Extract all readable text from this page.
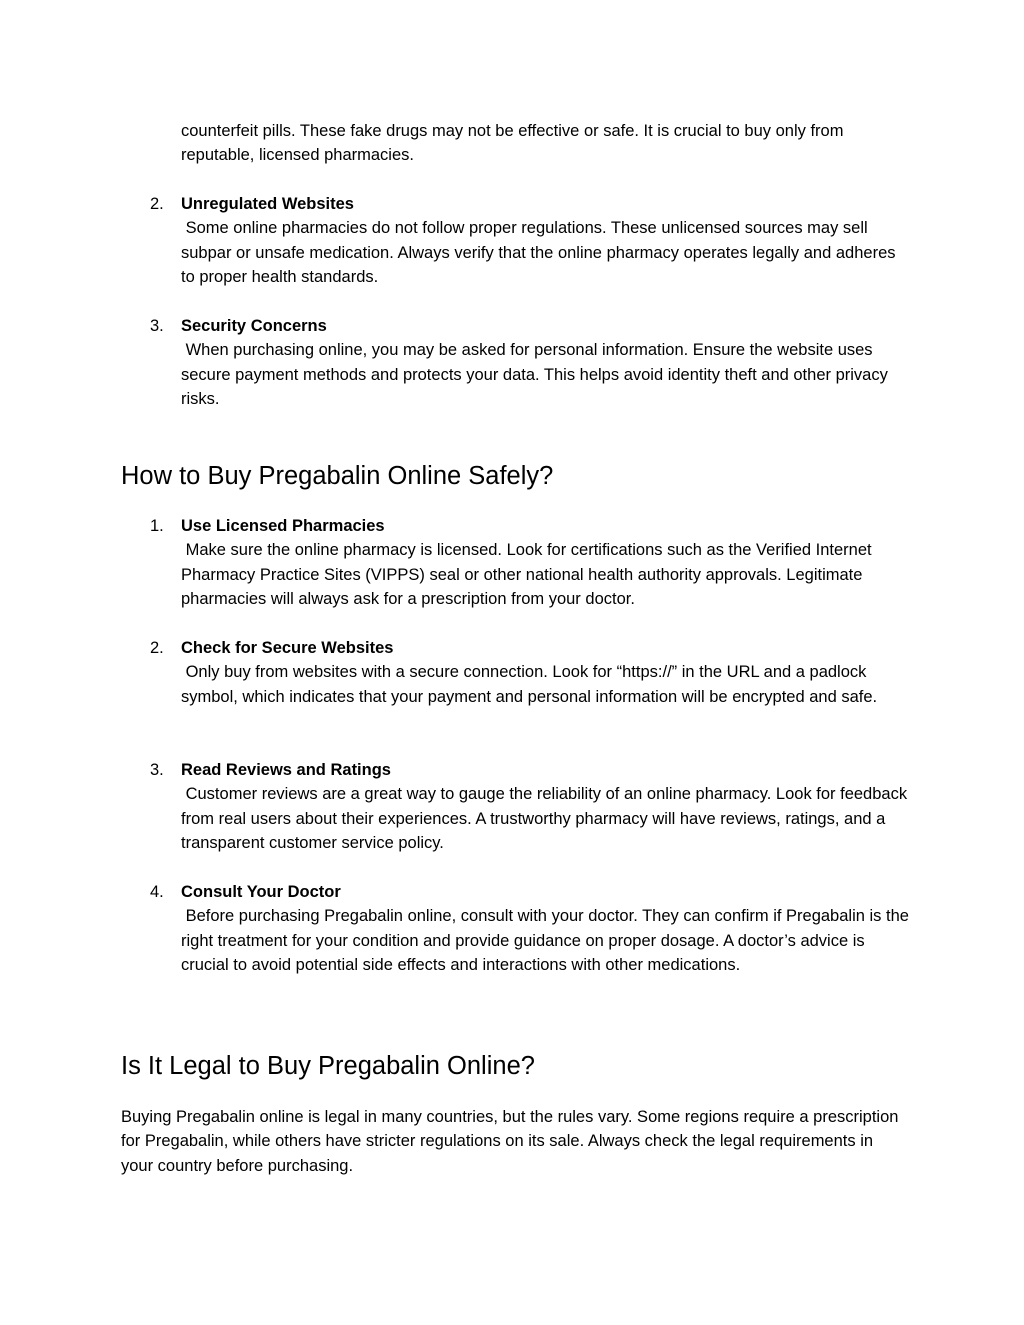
counterfeit pills. These fake drugs may not be effective or safe. It is crucial to buy only from reputable, licensed pharmacies.
2.	Unregulated Websites
Some online pharmacies do not follow proper regulations. These unlicensed sources may sell subpar or unsafe medication. Always verify that the online pharmacy operates legally and adheres to proper health standards.
3.	Security Concerns
When purchasing online, you may be asked for personal information. Ensure the website uses secure payment methods and protects your data. This helps avoid identity theft and other privacy risks.
How to Buy Pregabalin Online Safely?
1.	Use Licensed Pharmacies
Make sure the online pharmacy is licensed. Look for certifications such as the Verified Internet Pharmacy Practice Sites (VIPPS) seal or other national health authority approvals. Legitimate pharmacies will always ask for a prescription from your doctor.
2.	Check for Secure Websites
Only buy from websites with a secure connection. Look for “https://” in the URL and a padlock symbol, which indicates that your payment and personal information will be encrypted and safe.
3.	Read Reviews and Ratings
Customer reviews are a great way to gauge the reliability of an online pharmacy. Look for feedback from real users about their experiences. A trustworthy pharmacy will have reviews, ratings, and a transparent customer service policy.
4.	Consult Your Doctor
Before purchasing Pregabalin online, consult with your doctor. They can confirm if Pregabalin is the right treatment for your condition and provide guidance on proper dosage. A doctor’s advice is crucial to avoid potential side effects and interactions with other medications.
Is It Legal to Buy Pregabalin Online?
Buying Pregabalin online is legal in many countries, but the rules vary. Some regions require a prescription for Pregabalin, while others have stricter regulations on its sale. Always check the legal requirements in your country before purchasing.
